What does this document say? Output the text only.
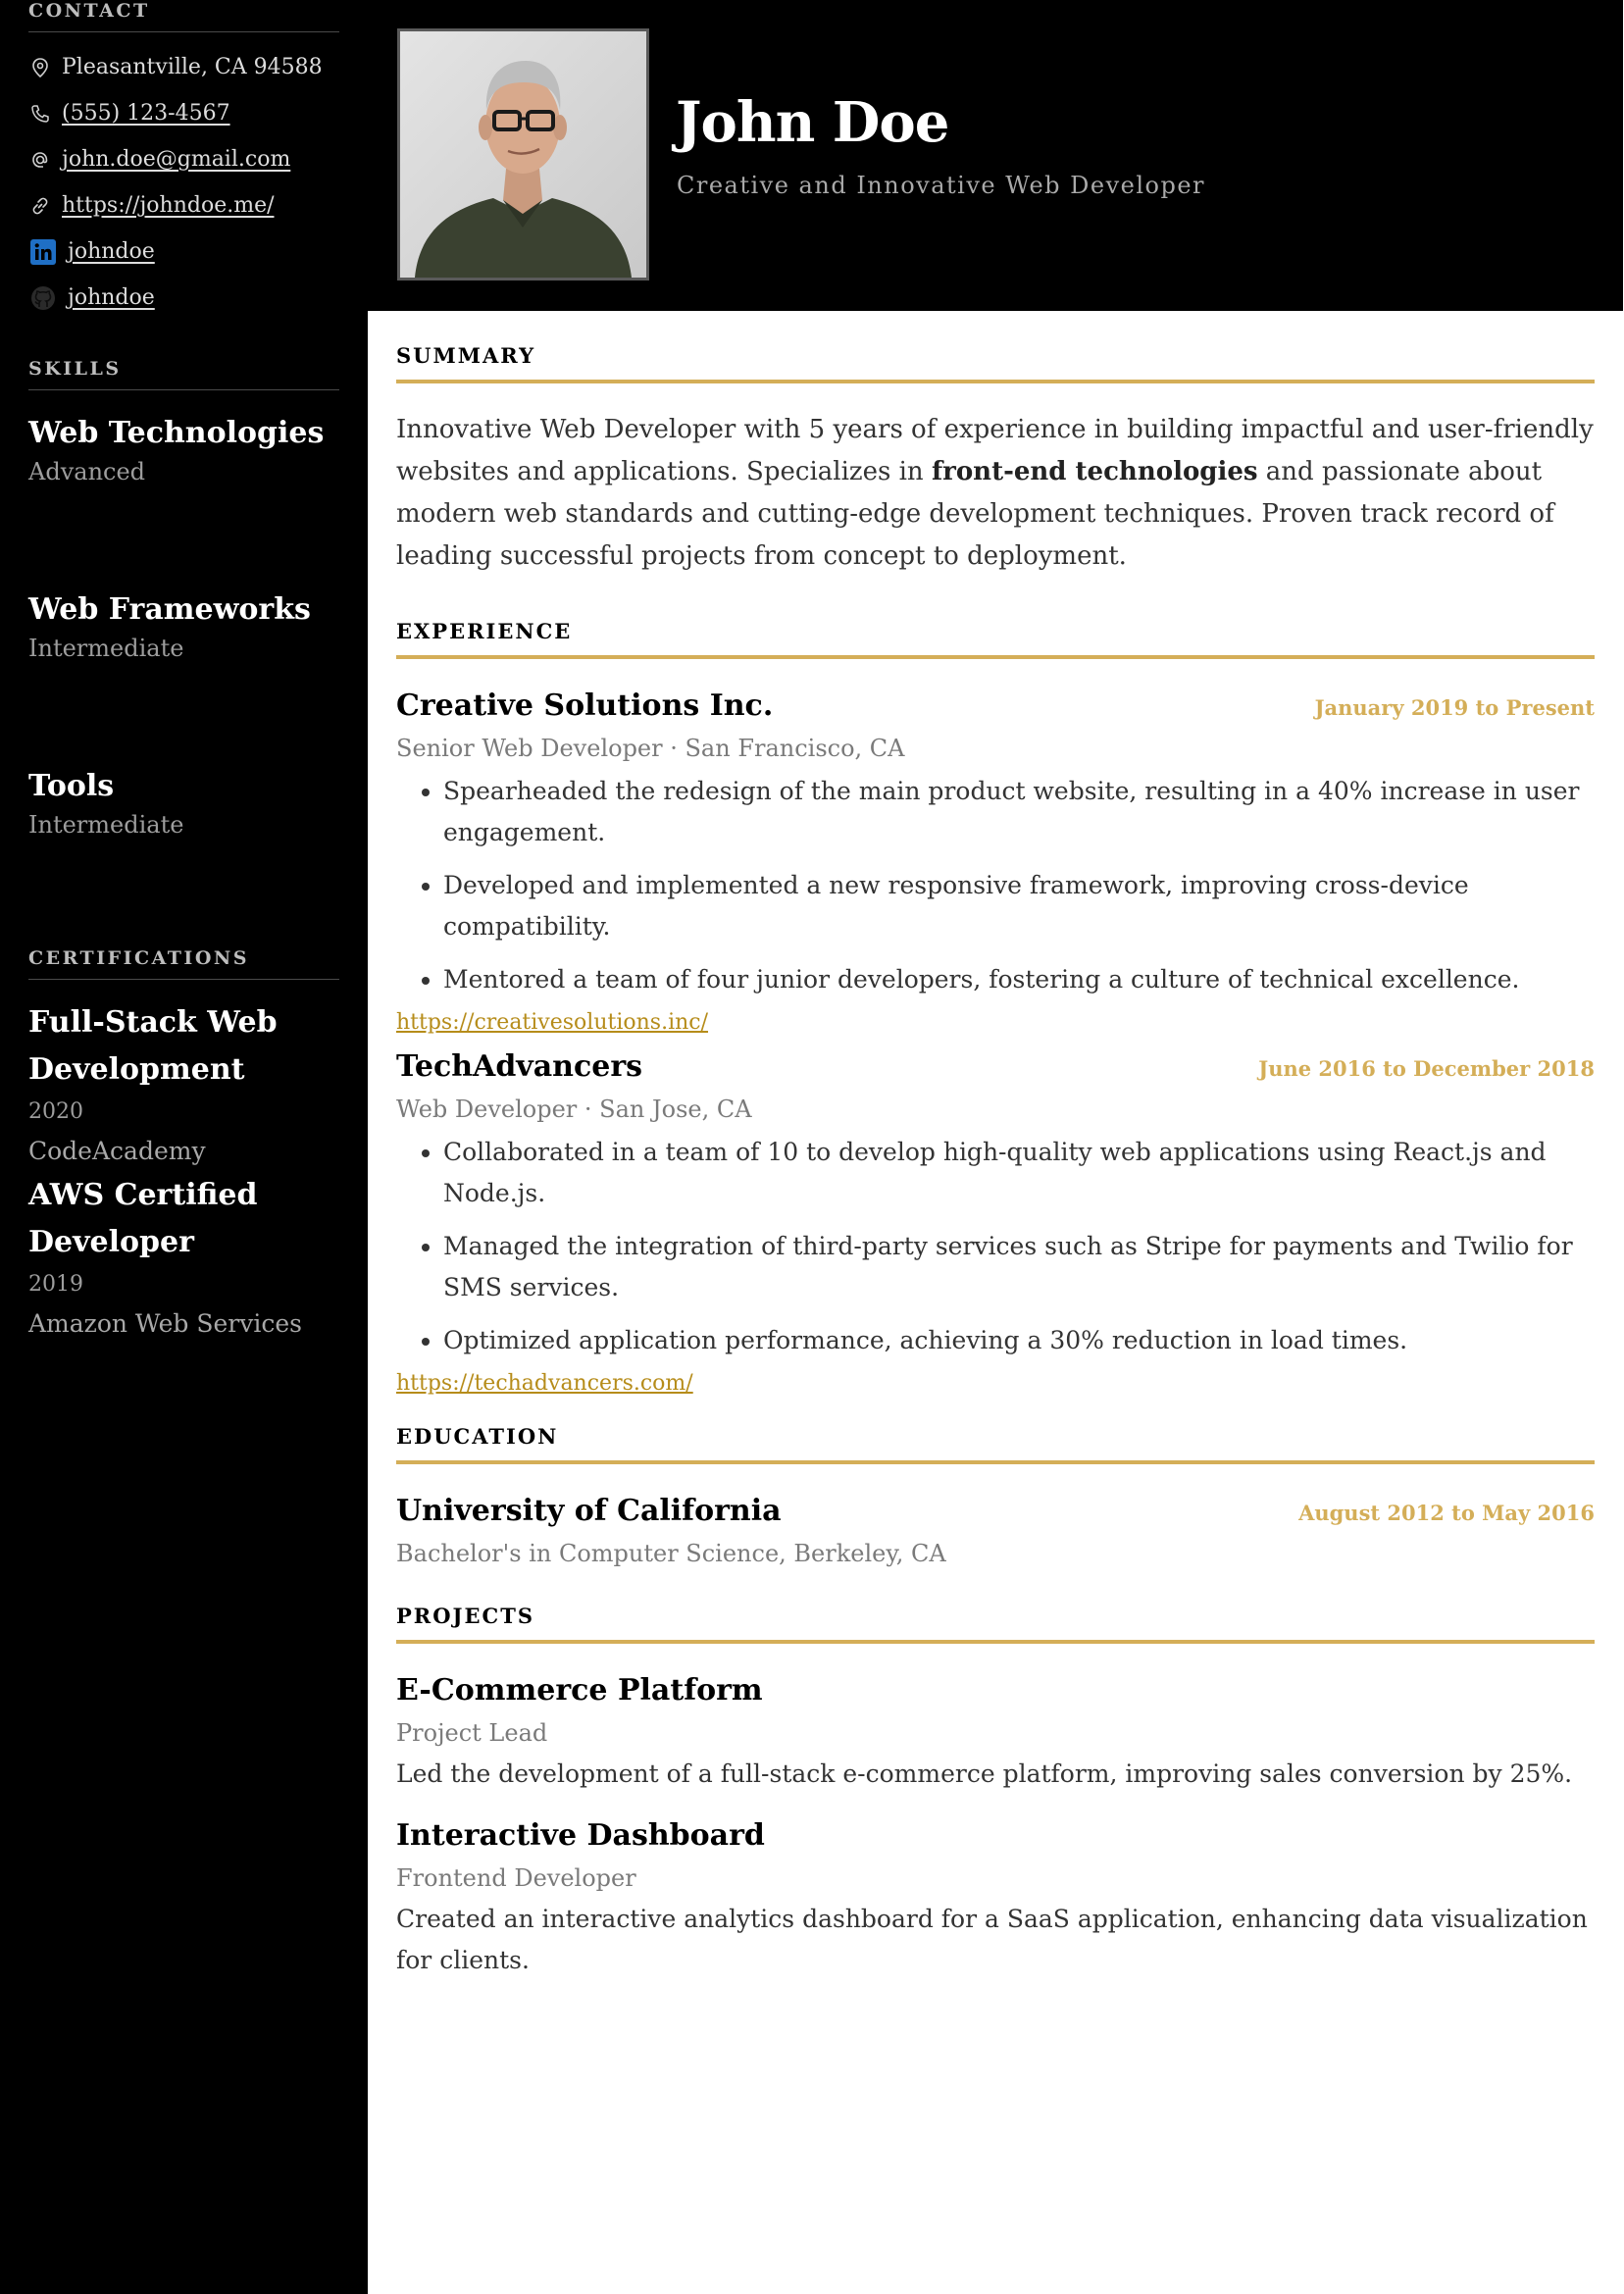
CONTACT
Pleasantville, CA 94588
(555) 123-4567
john.doe@gmail.com
https://johndoe.me/
johndoe
johndoe
SKILLS
Web Technologies
Advanced
Web Frameworks
Intermediate
Tools
Intermediate
CERTIFICATIONS
Full-Stack Web Development
2020
CodeAcademy
AWS Certified Developer
2019
Amazon Web Services
John Doe
Creative and Innovative Web Developer
SUMMARY

Innovative Web Developer with 5 years of experience in building impactful and user-friendly websites and applications. Specializes in front-end technologies and passionate about modern web standards and cutting-edge development techniques. Proven track record of leading successful projects from concept to deployment.

EXPERIENCE
Creative Solutions Inc.	January 2019 to Present
Senior Web Developer · San Francisco, CA
• Spearheaded the redesign of the main product website, resulting in a 40% increase in user engagement.
• Developed and implemented a new responsive framework, improving cross-device compatibility.
• Mentored a team of four junior developers, fostering a culture of technical excellence.
https://creativesolutions.inc/
TechAdvancers	June 2016 to December 2018
Web Developer · San Jose, CA
• Collaborated in a team of 10 to develop high-quality web applications using React.js and Node.js.
• Managed the integration of third-party services such as Stripe for payments and Twilio for SMS services.
• Optimized application performance, achieving a 30% reduction in load times.
https://techadvancers.com/
EDUCATION
University of California	August 2012 to May 2016
Bachelor's in Computer Science, Berkeley, CA
PROJECTS
E-Commerce Platform
Project Lead
Led the development of a full-stack e-commerce platform, improving sales conversion by 25%.
Interactive Dashboard
Frontend Developer
Created an interactive analytics dashboard for a SaaS application, enhancing data visualization for clients.
